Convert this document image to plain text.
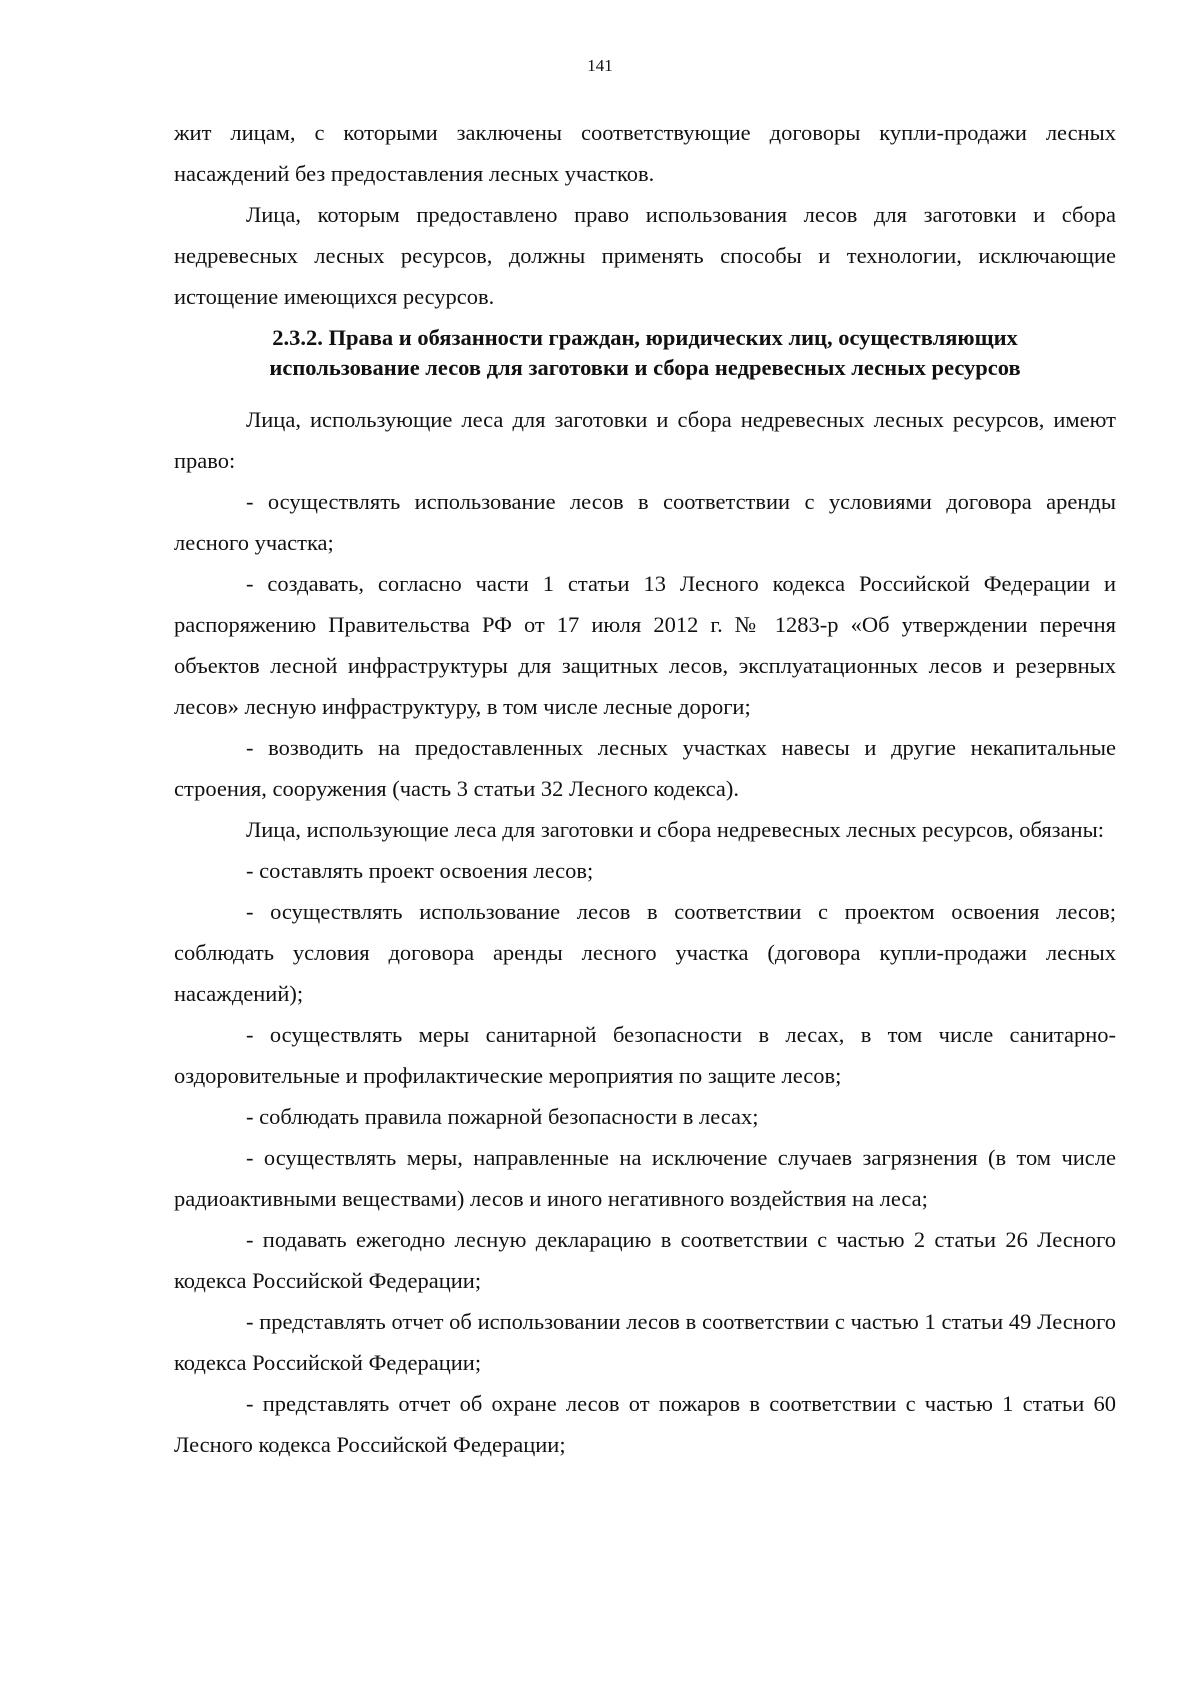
141

жит лицам, с которыми заключены соответствующие договоры купли-продажи лесных насаждений без предоставления лесных участков.

Лица, которым предоставлено право использования лесов для заготовки и сбора недревесных лесных ресурсов, должны применять способы и технологии, исключающие истощение имеющихся ресурсов.

2.3.2. Права и обязанности граждан, юридических лиц, осуществляющих
использование лесов для заготовки и сбора недревесных лесных ресурсов

Лица, использующие леса для заготовки и сбора недревесных лесных ресурсов, имеют право:

- осуществлять использование лесов в соответствии с условиями договора аренды лесного участка;

- создавать, согласно части 1 статьи 13 Лесного кодекса Российской Федерации и распоряжению Правительства РФ от 17 июля 2012 г. № 1283-р «Об утверждении перечня объектов лесной инфраструктуры для защитных лесов, эксплуатационных лесов и резервных лесов» лесную инфраструктуру, в том числе лесные дороги;

- возводить на предоставленных лесных участках навесы и другие некапитальные строения, сооружения (часть 3 статьи 32 Лесного кодекса).

Лица, использующие леса для заготовки и сбора недревесных лесных ресурсов, обязаны:

- составлять проект освоения лесов;

- осуществлять использование лесов в соответствии с проектом освоения лесов; соблюдать условия договора аренды лесного участка (договора купли-продажи лесных насаждений);

- осуществлять меры санитарной безопасности в лесах, в том числе санитарно-оздоровительные и профилактические мероприятия по защите лесов;

- соблюдать правила пожарной безопасности в лесах;

- осуществлять меры, направленные на исключение случаев загрязнения (в том числе радиоактивными веществами) лесов и иного негативного воздействия на леса;

- подавать ежегодно лесную декларацию в соответствии с частью 2 статьи 26 Лесного кодекса Российской Федерации;

- представлять отчет об использовании лесов в соответствии с частью 1 статьи 49 Лесного кодекса Российской Федерации;

- представлять отчет об охране лесов от пожаров в соответствии с частью 1 статьи 60 Лесного кодекса Российской Федерации;
